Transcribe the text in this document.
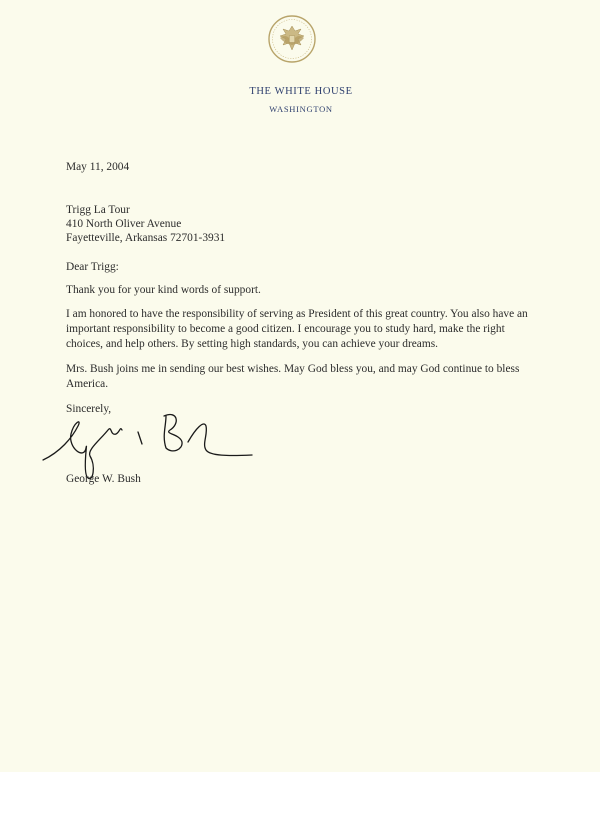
THE WHITE HOUSE
WASHINGTON
May 11, 2004
Trigg La Tour
410 North Oliver Avenue
Fayetteville, Arkansas 72701-3931
Dear Trigg:
Thank you for your kind words of support.
I am honored to have the responsibility of serving as President of this great country. You also have an important responsibility to become a good citizen. I encourage you to study hard, make the right choices, and help others. By setting high standards, you can achieve your dreams.
Mrs. Bush joins me in sending our best wishes. May God bless you, and may God continue to bless America.
Sincerely,
George W. Bush
